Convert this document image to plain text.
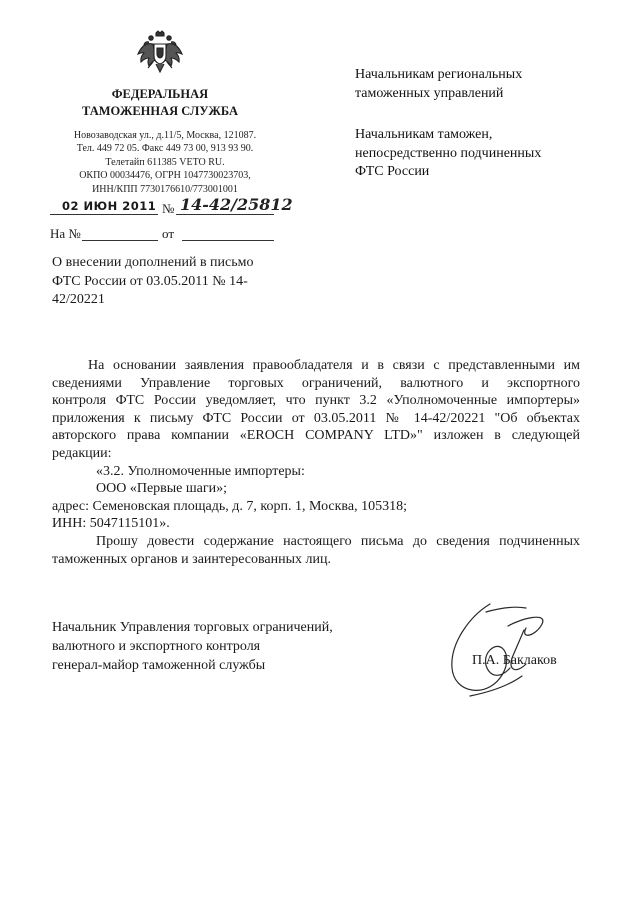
ФЕДЕРАЛЬНАЯ
ТАМОЖЕННАЯ СЛУЖБА
Новозаводская ул., д.11/5, Москва, 121087.
Тел. 449 72 05. Факс 449 73 00, 913 93 90.
Телетайп 611385 VETO RU.
ОКПО 00034476, ОГРН 1047730023703,
ИНН/КПП 7730176610/773001001
02 ИЮН 2011 № 14-42/25812
На №	от
Начальникам региональных
таможенных управлений
Начальникам таможен,
непосредственно подчиненных
ФТС России
О внесении дополнений в письмо
ФТС России от 03.05.2011 № 14-
42/20221
На основании заявления правообладателя и в связи с представленными им
сведениями Управление торговых ограничений, валютного и экспортного
контроля ФТС России уведомляет, что пункт 3.2 «Уполномоченные импортеры»
приложения к письму ФТС России от 03.05.2011 № 14-42/20221 "Об объектах
авторского права компании «EROCH COMPANY LTD»" изложен в следующей
редакции:
«3.2. Уполномоченные импортеры:
ООО «Первые шаги»;
адрес: Семеновская площадь, д. 7, корп. 1, Москва, 105318;
ИНН: 5047115101».
Прошу довести содержание настоящего письма до сведения подчиненных
таможенных органов и заинтересованных лиц.
Начальник Управления торговых ограничений,
валютного и экспортного контроля
генерал-майор таможенной службы	П.А. Баклаков
